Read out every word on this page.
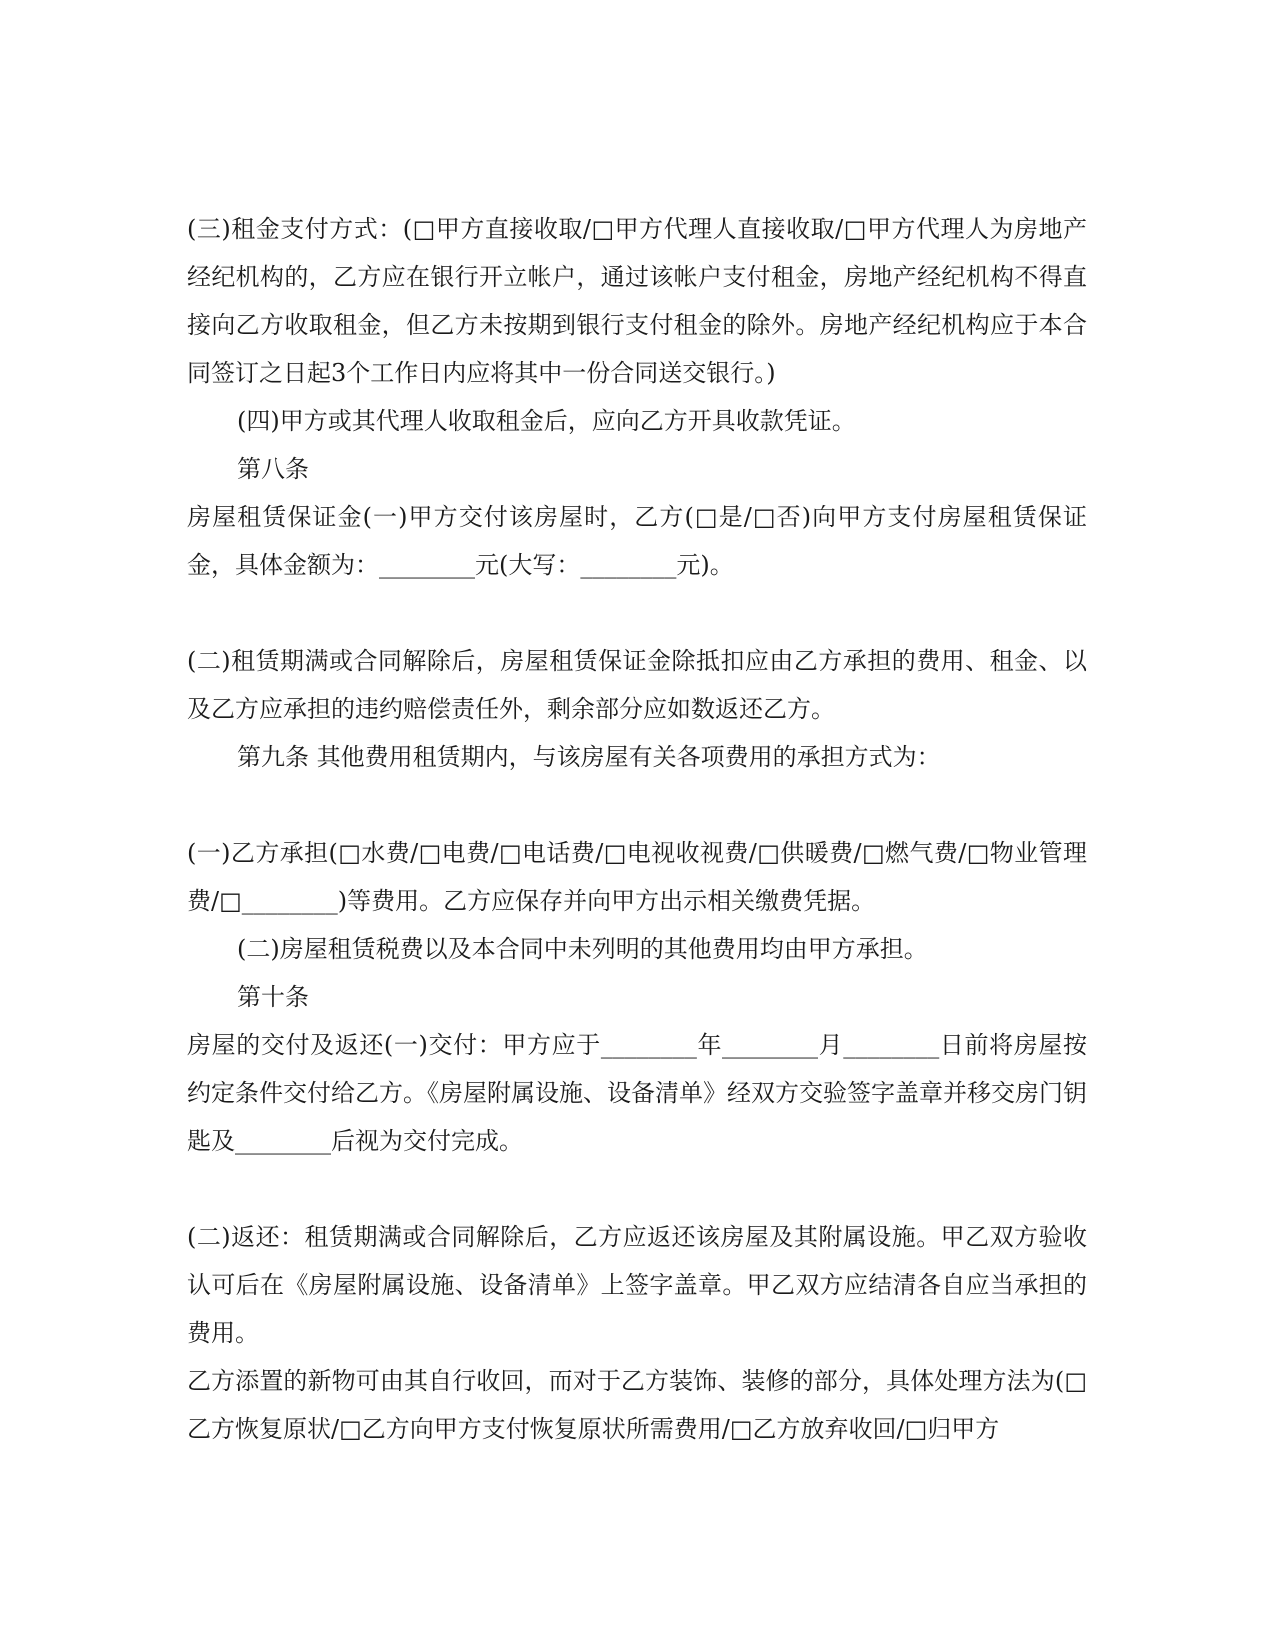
(三)租金支付方式：(□甲方直接收取/□甲方代理人直接收取/□甲方代理人为房地产经纪机构的，乙方应在银行开立帐户，通过该帐户支付租金，房地产经纪机构不得直接向乙方收取租金，但乙方未按期到银行支付租金的除外。房地产经纪机构应于本合同签订之日起3个工作日内应将其中一份合同送交银行。)

(四)甲方或其代理人收取租金后，应向乙方开具收款凭证。

第八条

房屋租赁保证金(一)甲方交付该房屋时，乙方(□是/□否)向甲方支付房屋租赁保证金，具体金额为：________元(大写：________元)。

(二)租赁期满或合同解除后，房屋租赁保证金除抵扣应由乙方承担的费用、租金、以及乙方应承担的违约赔偿责任外，剩余部分应如数返还乙方。

第九条 其他费用租赁期内，与该房屋有关各项费用的承担方式为：

(一)乙方承担(□水费/□电费/□电话费/□电视收视费/□供暖费/□燃气费/□物业管理费/□________)等费用。乙方应保存并向甲方出示相关缴费凭据。

(二)房屋租赁税费以及本合同中未列明的其他费用均由甲方承担。

第十条

房屋的交付及返还(一)交付：甲方应于________年________月________日前将房屋按约定条件交付给乙方。《房屋附属设施、设备清单》经双方交验签字盖章并移交房门钥匙及________后视为交付完成。

(二)返还：租赁期满或合同解除后，乙方应返还该房屋及其附属设施。甲乙双方验收认可后在《房屋附属设施、设备清单》上签字盖章。甲乙双方应结清各自应当承担的费用。

乙方添置的新物可由其自行收回，而对于乙方装饰、装修的部分，具体处理方法为(□乙方恢复原状/□乙方向甲方支付恢复原状所需费用/□乙方放弃收回/□归甲方
